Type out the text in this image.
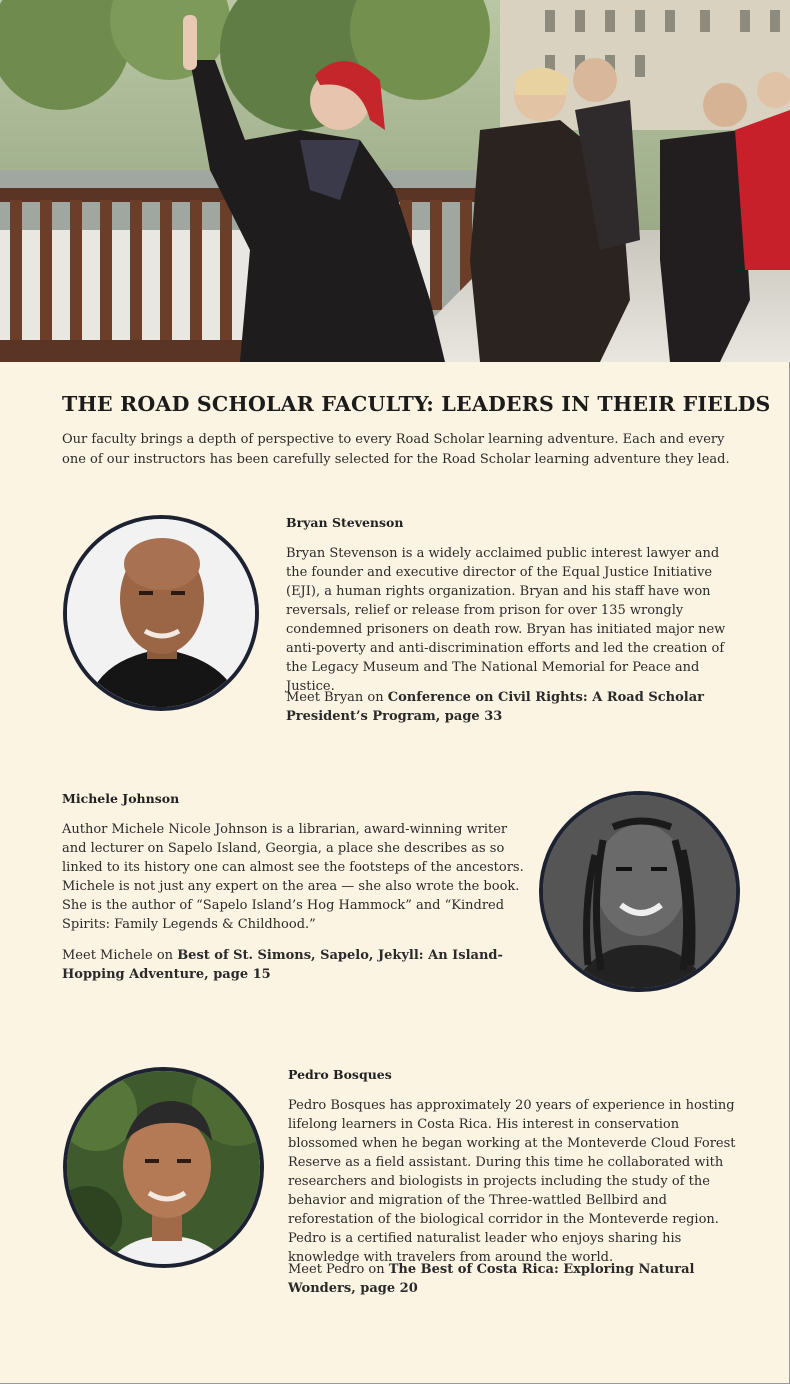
THE ROAD SCHOLAR FACULTY: LEADERS IN THEIR FIELDS

Our faculty brings a depth of perspective to every Road Scholar learning adventure. Each and every one of our instructors has been carefully selected for the Road Scholar learning adventure they lead.

Bryan Stevenson

Bryan Stevenson is a widely acclaimed public interest lawyer and the founder and executive director of the Equal Justice Initiative (EJI), a human rights organization. Bryan and his staff have won reversals, relief or release from prison for over 135 wrongly condemned prisoners on death row. Bryan has initiated major new anti-poverty and anti-discrimination efforts and led the creation of the Legacy Museum and The National Memorial for Peace and Justice.

Meet Bryan on Conference on Civil Rights: A Road Scholar President’s Program, page 33

Michele Johnson

Author Michele Nicole Johnson is a librarian, award-winning writer and lecturer on Sapelo Island, Georgia, a place she describes as so linked to its history one can almost see the footsteps of the ancestors. Michele is not just any expert on the area — she also wrote the book. She is the author of “Sapelo Island’s Hog Hammock” and “Kindred Spirits: Family Legends & Childhood.”

Meet Michele on Best of St. Simons, Sapelo, Jekyll: An Island-Hopping Adventure, page 15

Pedro Bosques

Pedro Bosques has approximately 20 years of experience in hosting lifelong learners in Costa Rica. His interest in conservation blossomed when he began working at the Monteverde Cloud Forest Reserve as a field assistant. During this time he collaborated with researchers and biologists in projects including the study of the behavior and migration of the Three-wattled Bellbird and reforestation of the biological corridor in the Monteverde region. Pedro is a certified naturalist leader who enjoys sharing his knowledge with travelers from around the world.

Meet Pedro on The Best of Costa Rica: Exploring Natural Wonders, page 20
